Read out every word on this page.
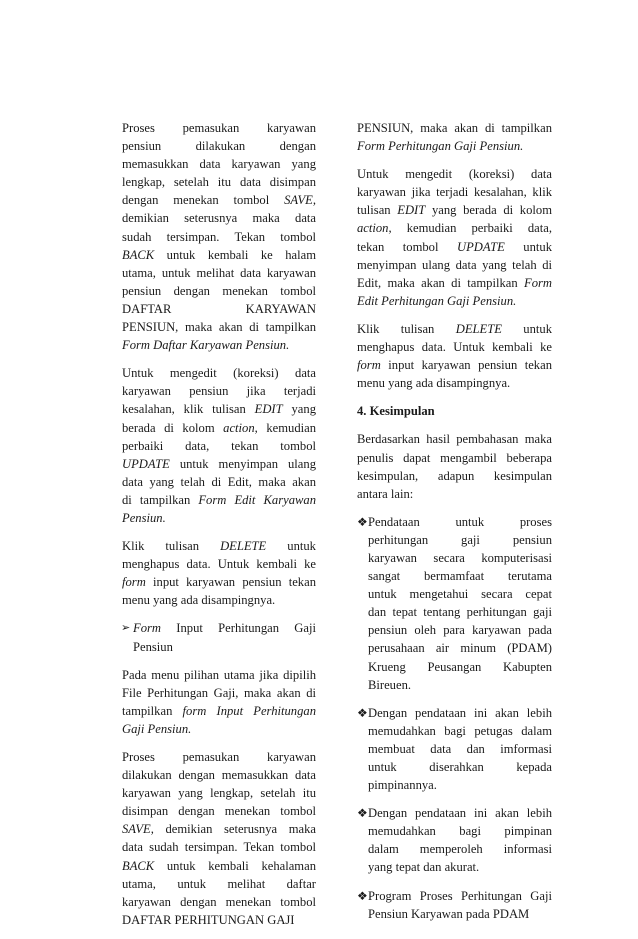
Proses pemasukan karyawan
pensiun dilakukan dengan
memasukkan data karyawan yang
lengkap, setelah itu data disimpan
dengan menekan tombol SAVE,
demikian seterusnya maka data
sudah tersimpan. Tekan tombol
BACK untuk kembali ke halam
utama, untuk melihat data karyawan
pensiun dengan menekan tombol
DAFTAR KARYAWAN
PENSIUN, maka akan di tampilkan
Form Daftar Karyawan Pensiun.
Untuk mengedit (koreksi) data
karyawan pensiun jika terjadi
kesalahan, klik tulisan EDIT yang
berada di kolom action, kemudian
perbaiki data, tekan tombol
UPDATE untuk menyimpan ulang
data yang telah di Edit, maka akan
di tampilkan Form Edit Karyawan
Pensiun.
Klik tulisan DELETE untuk
menghapus data. Untuk kembali ke
form input karyawan pensiun tekan
menu yang ada disampingnya.
➢ Form Input Perhitungan Gaji
Pensiun
Pada menu pilihan utama jika dipilih
File Perhitungan Gaji, maka akan di
tampilkan form Input Perhitungan
Gaji Pensiun.
Proses pemasukan karyawan
dilakukan dengan memasukkan data
karyawan yang lengkap, setelah itu
disimpan dengan menekan tombol
SAVE, demikian seterusnya maka
data sudah tersimpan. Tekan tombol
BACK untuk kembali kehalaman
utama, untuk melihat daftar
karyawan dengan menekan tombol
DAFTAR PERHITUNGAN GAJI
PENSIUN, maka akan di tampilkan
Form Perhitungan Gaji Pensiun.
Untuk mengedit (koreksi) data
karyawan jika terjadi kesalahan, klik
tulisan EDIT yang berada di kolom
action, kemudian perbaiki data,
tekan tombol UPDATE untuk
menyimpan ulang data yang telah di
Edit, maka akan di tampilkan Form
Edit Perhitungan Gaji Pensiun.
Klik tulisan DELETE untuk
menghapus data. Untuk kembali ke
form input karyawan pensiun tekan
menu yang ada disampingnya.
4. Kesimpulan
Berdasarkan hasil pembahasan maka
penulis dapat mengambil beberapa
kesimpulan, adapun kesimpulan
antara lain:
❖ Pendataan untuk proses
perhitungan gaji pensiun
karyawan secara komputerisasi
sangat bermamfaat terutama
untuk mengetahui secara cepat
dan tepat tentang perhitungan gaji
pensiun oleh para karyawan pada
perusahaan air minum (PDAM)
Krueng Peusangan Kabupten
Bireuen.
❖ Dengan pendataan ini akan lebih
memudahkan bagi petugas dalam
membuat data dan imformasi
untuk diserahkan kepada
pimpinannya.
❖ Dengan pendataan ini akan lebih
memudahkan bagi pimpinan
dalam memperoleh informasi
yang tepat dan akurat.
❖ Program Proses Perhitungan Gaji
Pensiun Karyawan pada PDAM
